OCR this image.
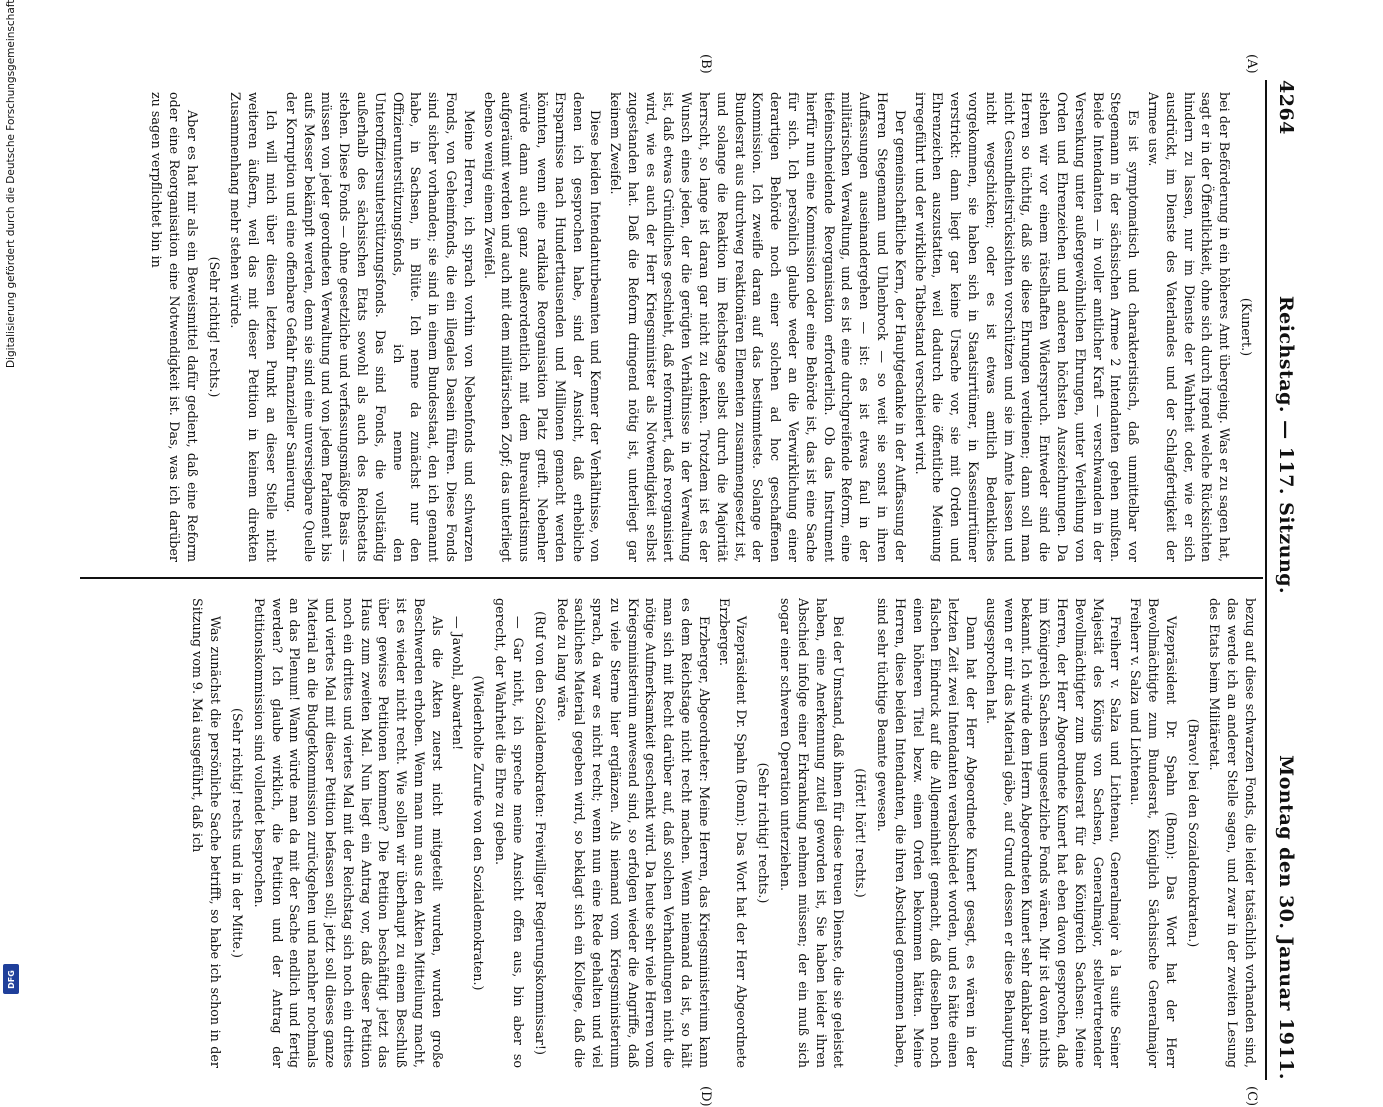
Digitalisierung gefördert durch die Deutsche Forschungsgemeinschaft
DFG
4264
Reichstag. — 117. Sitzung.
Montag den 30. Januar 1911.
(A)
(B)
(C)
(D)

(Kunert.)

bei der Beförderung in ein höheres Amt übergeing. Was er zu sagen hat, sagt er in der Öffentlichkeit, ohne sich durch irgend welche Rücksichten hindern zu lassen, nur im Dienste der Wahrheit oder, wie er sich ausdrückt, im Dienste des Vaterlandes und der Schlagfertigkeit der Armee usw.

Es ist symptomatisch und charakteristisch, daß unmittelbar vor Stegemann in der sächsischen Armee 2 Intendanten gehen mußten. Beide Intendanten — in voller amtlicher Kraft — verschwanden in der Versenkung unter außergewöhnlichen Ehrungen, unter Verleihung von Orden und Ehrenzeichen und anderen höchsten Auszeichnungen. Da stehen wir vor einem rätselhaften Widerspruch. Entweder sind die Herren so tüchtig, daß sie diese Ehrungen verdienen; dann soll man nicht Gesundheitsrücksichten vorschützen und sie im Amte lassen und nicht wegschicken; oder es ist etwas amtlich Bedenkliches vorgekommen, sie haben sich in Staatsirrtümer, in Kassenirrtümer verstrickt: dann liegt gar keine Ursache vor, sie mit Orden und Ehrenzeichen auszustatten, weil dadurch die öffentliche Meinung irregeführt und der wirkliche Tatbestand verschleiert wird.

Der gemeinschaftliche Kern, der Hauptgedanke in der Auffassung der Herren Stegemann und Uhlenbrock — so weit sie sonst in ihren Auffassungen auseinandergehen — ist: es ist etwas faul in der militärischen Verwaltung, und es ist eine durchgreifende Reform, eine tiefeinschneidende Reorganisation erforderlich. Ob das Instrument hierfür nun eine Kommission oder eine Behörde ist, das ist eine Sache für sich. Ich persönlich glaube weder an die Verwirklichung einer derartigen Behörde noch einer solchen ad hoc geschaffenen Kommission. Ich zweifle daran auf das bestimmteste. Solange der Bundesrat aus durchweg reaktionären Elementen zusammengesetzt ist, und solange die Reaktion im Reichstage selbst durch die Majorität herrscht, so lange ist daran gar nicht zu denken. Trotzdem ist es der Wunsch eines jeden, der die gerügten Verhältnisse in der Verwaltung ist, daß etwas Gründliches geschieht, daß reformiert, daß reorganisiert wird, wie es auch der Herr Kriegsminister als Notwendigkeit selbst zugestanden hat. Daß die Reform dringend nötig ist, unterliegt gar keinem Zweifel.

Diese beiden Intendanturbeamten und Kenner der Verhältnisse, von denen ich gesprochen habe, sind der Ansicht, daß erhebliche Ersparnisse nach Hunderttausenden und Millionen gemacht werden könnten, wenn eine radikale Reorganisation Platz greift. Nebenher würde dann auch ganz außerordentlich mit dem Bureaukratismus aufgeräumt werden und auch mit dem militärischen Zopf; das unterliegt ebenso wenig einem Zweifel.

Meine Herren, ich sprach vorhin von Nebenfonds und schwarzen Fonds, von Geheimfonds, die ein illegales Dasein führen. Diese Fonds sind sicher vorhanden; sie sind in einem Bundesstaat, den ich genannt habe, in Sachsen, in Blüte. Ich nenne da zunächst nur den Offizierunterstützungsfonds, ich nenne den Unteroffiziersunterstützungsfonds. Das sind Fonds, die vollständig außerhalb des sächsischen Etats sowohl als auch des Reichsetats stehen. Diese Fonds — ohne gesetzliche und verfassungsmäßige Basis — müssen von jeder geordneten Verwaltung und von jedem Parlament bis aufs Messer bekämpft werden, denn sie sind eine unversiegbare Quelle der Korruption und eine offenbare Gefahr finanzieller Sanierung.

Ich will mich über diesen letzten Punkt an dieser Stelle nicht weiteren äußern, weil das mit dieser Petition in keinem direkten Zusammenhang mehr stehen würde.

(Sehr richtig! rechts.)

Aber es hat mir als ein Beweismittel dafür gedient, daß eine Reform oder eine Reorganisation eine Notwendigkeit ist. Das, was ich darüber zu sagen verpflichtet bin in

bezug auf diese schwarzen Fonds, die leider tatsächlich vorhanden sind, das werde ich an anderer Stelle sagen, und zwar in der zweiten Lesung des Etats beim Militäretat.

(Bravo! bei den Sozialdemokraten.)

Vizepräsident Dr. Spahn (Bonn): Das Wort hat der Herr Bevollmächtigte zum Bundesrat, Königlich Sächsische Generalmajor Freiherr v. Salza und Lichtenau.

Freiherr v. Salza und Lichtenau, Generalmajor à la suite Seiner Majestät des Königs von Sachsen, Generalmajor, stellvertretender Bevollmächtigter zum Bundesrat für das Königreich Sachsen: Meine Herren, der Herr Abgeordnete Kunert hat eben davon gesprochen, daß im Königreich Sachsen ungesetzliche Fonds wären. Mir ist davon nichts bekannt. Ich würde dem Herrn Abgeordneten Kunert sehr dankbar sein, wenn er mir das Material gäbe, auf Grund dessen er diese Behauptung ausgesprochen hat.

Dann hat der Herr Abgeordnete Kunert gesagt, es wären in der letzten Zeit zwei Intendanten verabschiedet worden, und es hätte einen falschen Eindruck auf die Allgemeinheit gemacht, daß dieselben noch einen höheren Titel bezw. einen Orden bekommen hätten. Meine Herren, diese beiden Intendanten, die ihren Abschied genommen haben, sind sehr tüchtige Beamte gewesen.

(Hört! hört! rechts.)

Bei der Umstand, daß ihnen für diese treuen Dienste, die sie geleistet haben, eine Anerkennung zuteil geworden ist, Sie haben leider ihren Abschied infolge einer Erkrankung nehmen müssen; der ein muß sich sogar einer schweren Operation unterziehen.

(Sehr richtig! rechts.)

Vizepräsident Dr. Spahn (Bonn): Das Wort hat der Herr Abgeordnete Erzberger.

Erzberger, Abgeordneter: Meine Herren, das Kriegsministerium kann es dem Reichstage nicht recht machen. Wenn niemand da ist, so hält man sich mit Recht darüber auf, daß solchen Verhandlungen nicht die nötige Aufmerksamkeit geschenkt wird. Da heute sehr viele Herren vom Kriegsministerium anwesend sind, so erfolgen wieder die Angriffe, daß zu viele Sterne hier erglänzen. Als niemand vom Kriegsministerium sprach, da war es nicht recht; wenn nun eine Rede gehalten und viel sachliches Material gegeben wird, so beklagt sich ein Kollege, daß die Rede zu lang wäre.

(Ruf von den Sozialdemokraten: Freiwilliger Regierungskommissar!)

— Gar nicht, ich spreche meine Ansicht offen aus, bin aber so gerecht, der Wahrheit die Ehre zu geben.

(Wiederholte Zurufe von den Sozialdemokraten.)

— Jawohl, abwarten!

Als die Akten zuerst nicht mitgeteilt wurden, wurden große Beschwerden erhoben. Wenn man nun aus den Akten Mitteilung macht, ist es wieder nicht recht. Wie sollen wir überhaupt zu einem Beschluß über gewisse Petitionen kommen? Die Petition beschäftigt jetzt das Haus zum zweiten Mal. Nun liegt ein Antrag vor, daß dieser Petition noch ein drittes und viertes Mal mit der Reichstag sich noch ein drittes und viertes Mal mit dieser Petition befassen soll; jetzt soll dieses ganze Material an die Budgetkommission zurückgehen und nachher nochmals an das Plenum! Wann würde man da mit der Sache endlich und fertig werden? Ich glaube wirklich, die Petition und der Antrag der Petitionskommission sind vollendet besprochen.

(Sehr richtig! rechts und in der Mitte.)

Was zunächst die persönliche Sache betrifft, so habe ich schon in der Sitzung vom 9. Mai ausgeführt, daß ich
